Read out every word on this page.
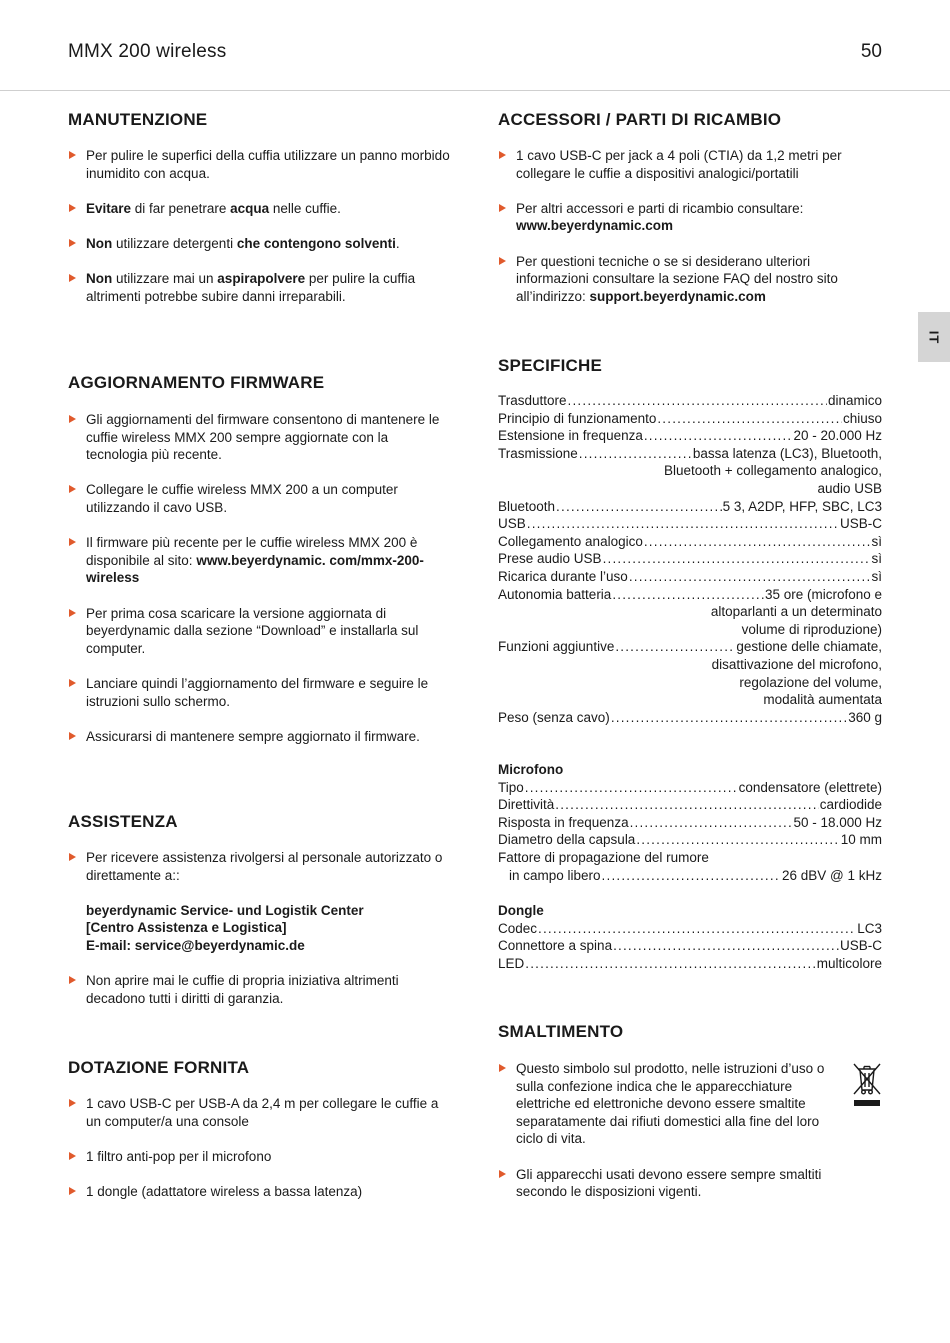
MMX 200 wireless	50
IT
MANUTENZIONE
Per pulire le superfici della cuffia utilizzare un panno morbido inumidito con acqua.
Evitare di far penetrare acqua nelle cuffie.
Non utilizzare detergenti che contengono solventi.
Non utilizzare mai un aspirapolvere per pulire la cuffia altrimenti potrebbe subire danni irreparabili.
AGGIORNAMENTO FIRMWARE
Gli aggiornamenti del firmware consentono di mantenere le cuffie wireless MMX 200 sempre aggiornate con la tecnologia più recente.
Collegare le cuffie wireless MMX 200 a un computer utilizzando il cavo USB.
Il firmware più recente per le cuffie wireless MMX 200 è disponibile al sito: www.beyerdynamic. com/mmx-200-wireless
Per prima cosa scaricare la versione aggiornata di beyerdynamic dalla sezione “Download” e installarla sul computer.
Lanciare quindi l’aggiornamento del firmware e seguire le istruzioni sullo schermo.
Assicurarsi di mantenere sempre aggiornato il firmware.
ASSISTENZA
Per ricevere assistenza rivolgersi al personale autorizzato o direttamente a::
beyerdynamic Service- und Logistik Center
[Centro Assistenza e Logistica]
E-mail: service@beyerdynamic.de
Non aprire mai le cuffie di propria iniziativa altrimenti decadono tutti i diritti di garanzia.
DOTAZIONE FORNITA
1 cavo USB-C per USB-A da 2,4 m per collegare le cuffie a un computer/a una console
1 filtro anti-pop per il microfono
1 dongle (adattatore wireless a bassa latenza)
ACCESSORI / PARTI DI RICAMBIO
1 cavo USB-C per jack a 4 poli (CTIA) da 1,2 metri per collegare le cuffie a dispositivi analogici/portatili
Per altri accessori e parti di ricambio consultare: www.beyerdynamic.com
Per questioni tecniche o se si desiderano ulteriori informazioni consultare la sezione FAQ del nostro sito all’indirizzo: support.beyerdynamic.com
SPECIFICHE
Trasduttore .....	dinamico
Principio di funzionamento .....	chiuso
Estensione in frequenza .....	20 - 20.000 Hz
Trasmissione .....	bassa latenza (LC3), Bluetooth,
Bluetooth + collegamento analogico,
audio USB
Bluetooth .....	5 3, A2DP, HFP, SBC, LC3
USB .....	USB-C
Collegamento analogico .....	sì
Prese audio USB .....	sì
Ricarica durante l’uso .....	sì
Autonomia batteria .....	35 ore (microfono e
altoparlanti a un determinato
volume di riproduzione)
Funzioni aggiuntive .....	gestione delle chiamate,
disattivazione del microfono,
regolazione del volume,
modalità aumentata
Peso (senza cavo) .....	360 g
Microfono
Tipo .....	condensatore (elettrete)
Direttività .....	cardiodide
Risposta in frequenza .....	50 - 18.000 Hz
Diametro della capsula .....	10 mm
Fattore di propagazione del rumore
in campo libero .....	26 dBV @ 1 kHz
Dongle
Codec .....	LC3
Connettore a spina .....	USB-C
LED .....	multicolore
SMALTIMENTO
Questo simbolo sul prodotto, nelle istruzioni d’uso o sulla confezione indica che le apparecchiature elettriche ed elettroniche devono essere smaltite separatamente dai rifiuti domestici alla fine del loro ciclo di vita.
Gli apparecchi usati devono essere sempre smaltiti secondo le disposizioni vigenti.
